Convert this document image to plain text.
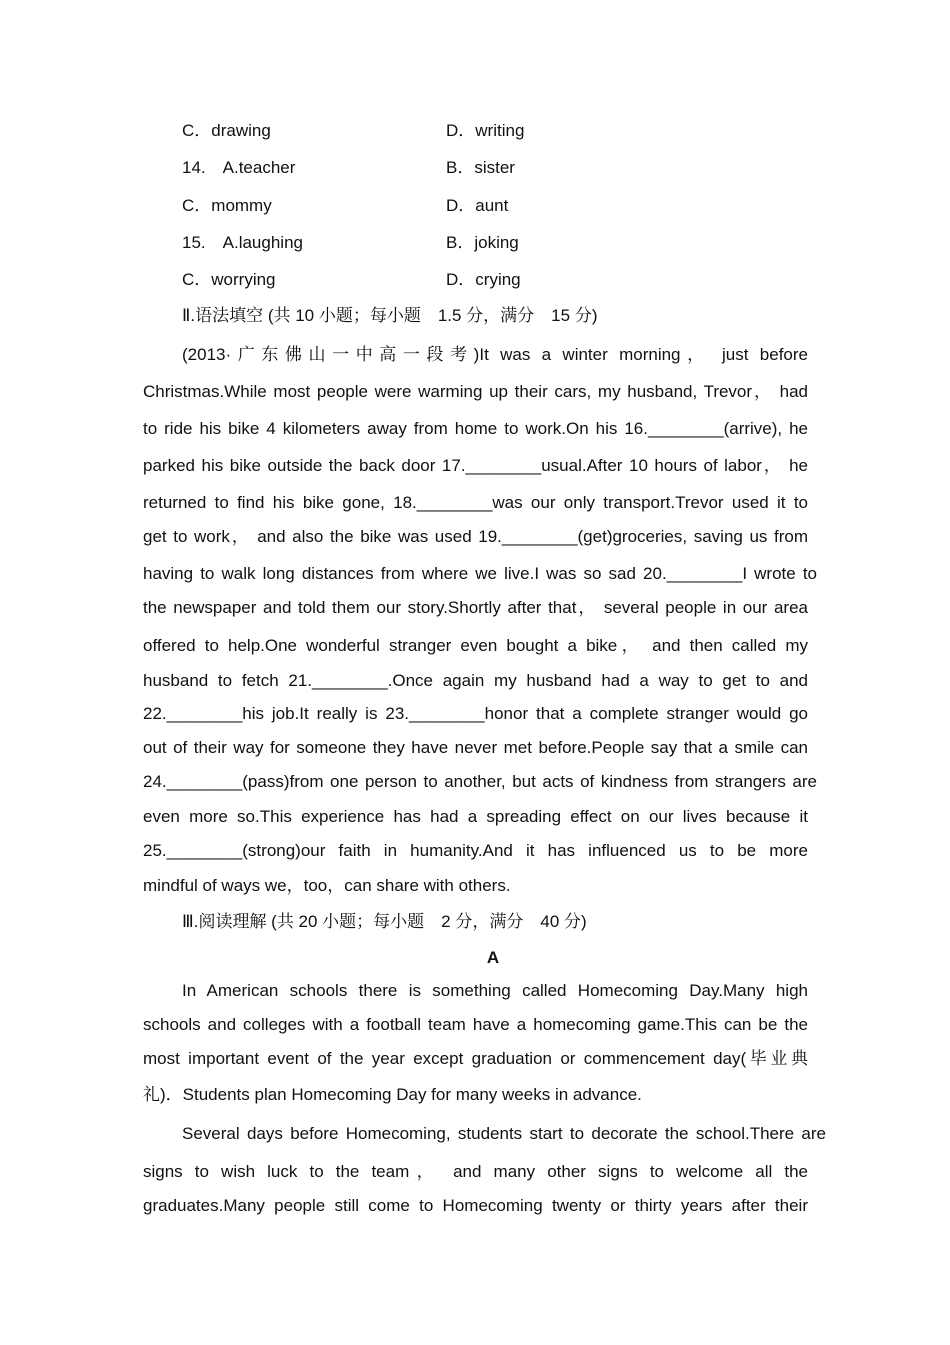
C．drawing	D．writing
14.　A.teacher	B．sister
C．mommy	D．aunt
15.　A.laughing	B．joking
C．worrying	D．crying
Ⅱ.语法填空 (共 10 小题；每小题　1.5 分，满分　15 分)
(2013·广东佛山一中高一段考)It was a winter morning， just before
Christmas.While most people were warming up their cars, my husband, Trevor， had
to ride his bike 4 kilometers away from home to work.On his 16.________(arrive), he
parked his bike outside the back door 17.________usual.After 10 hours of labor， he
returned to find his bike gone, 18.________was our only transport.Trevor used it to
get to work， and also the bike was used 19.________(get)groceries, saving us from
having to walk long distances from where we live.I was so sad 20.________I wrote to
the newspaper and told them our story.Shortly after that， several people in our area
offered to help.One wonderful stranger even bought a bike， and then called my
husband to fetch 21.________.Once again my husband had a way to get to and
22.________his job.It really is 23.________honor that a complete stranger would go
out of their way for someone they have never met before.People say that a smile can
24.________(pass)from one person to another, but acts of kindness from strangers are
even more so.This experience has had a spreading effect on our lives because it
25.________(strong)our faith in humanity.And it has influenced us to be more
mindful of ways we，too，can share with others.
Ⅲ.阅读理解 (共 20 小题；每小题　2 分，满分　40 分)
A
In American schools there is something called Homecoming Day.Many high
schools and colleges with a football team have a homecoming game.This can be the
most important event of the year except graduation or commencement day(毕业典
礼)．Students plan Homecoming Day for many weeks in advance.
Several days before Homecoming, students start to decorate the school.There are
signs to wish luck to the team， and many other signs to welcome all the
graduates.Many people still come to Homecoming twenty or thirty years after their
